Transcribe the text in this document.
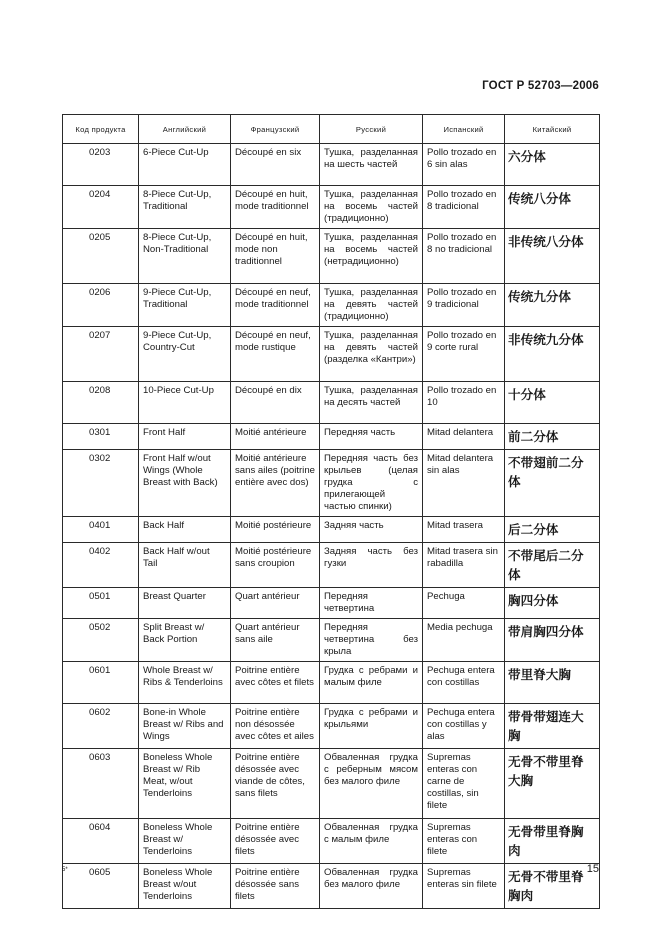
ГОСТ Р 52703—2006
Код продукта	Английский	Французский	Русский	Испанский	Китайский
0203	6-Piece Cut-Up	Découpé en six	Тушка, разделанная на шесть частей	Pollo trozado en 6 sin alas	六分体
0204	8-Piece Cut-Up, Traditional	Découpé en huit, mode traditionnel	Тушка, разделанная на восемь частей (традиционно)	Pollo trozado en 8 tradicional	传统八分体
0205	8-Piece Cut-Up, Non-Traditional	Découpé en huit, mode non traditionnel	Тушка, разделанная на восемь частей (нетрадиционно)	Pollo trozado en 8 no tradicional	非传统八分体
0206	9-Piece Cut-Up, Traditional	Découpé en neuf, mode traditionnel	Тушка, разделанная на девять частей (традиционно)	Pollo trozado en 9 tradicional	传统九分体
0207	9-Piece Cut-Up, Country-Cut	Découpé en neuf, mode rustique	Тушка, разделанная на девять частей (разделка «Кантри»)	Pollo trozado en 9 corte rural	非传统九分体
0208	10-Piece Cut-Up	Découpé en dix	Тушка, разделанная на десять частей	Pollo trozado en 10	十分体
0301	Front Half	Moitié antérieure	Передняя часть	Mitad delantera	前二分体
0302	Front Half w/out Wings (Whole Breast with Back)	Moitié antérieure sans ailes (poitrine entière avec dos)	Передняя часть без крыльев (целая грудка с прилегающей частью спинки)	Mitad delantera sin alas	不带翅前二分体
0401	Back Half	Moitié postérieure	Задняя часть	Mitad trasera	后二分体
0402	Back Half w/out Tail	Moitié postérieure sans croupion	Задняя часть без гузки	Mitad trasera sin rabadilla	不带尾后二分体
0501	Breast Quarter	Quart antérieur	Передняя четвертина	Pechuga	胸四分体
0502	Split Breast w/ Back Portion	Quart antérieur sans aile	Передняя четвертина без крыла	Media pechuga	带肩胸四分体
0601	Whole Breast w/ Ribs & Tenderloins	Poitrine entière avec côtes et filets	Грудка с ребрами и малым филе	Pechuga entera con costillas	带里脊大胸
0602	Bone-in Whole Breast w/ Ribs and Wings	Poitrine entière non désossée avec côtes et ailes	Грудка с ребрами и крыльями	Pechuga entera con costillas y alas	带骨带翅连大胸
0603	Boneless Whole Breast w/ Rib Meat, w/out Tenderloins	Poitrine entière désossée avec viande de côtes, sans filets	Обваленная грудка с реберным мясом без малого филе	Supremas enteras con carne de costillas, sin filete	无骨不带里脊大胸
0604	Boneless Whole Breast w/ Tenderloins	Poitrine entière désossée avec filets	Обваленная грудка с малым филе	Supremas enteras con filete	无骨带里脊胸肉
0605	Boneless Whole Breast w/out Tenderloins	Poitrine entière désossée sans filets	Обваленная грудка без малого филе	Supremas enteras sin filete	无骨不带里脊胸肉
5*	15
